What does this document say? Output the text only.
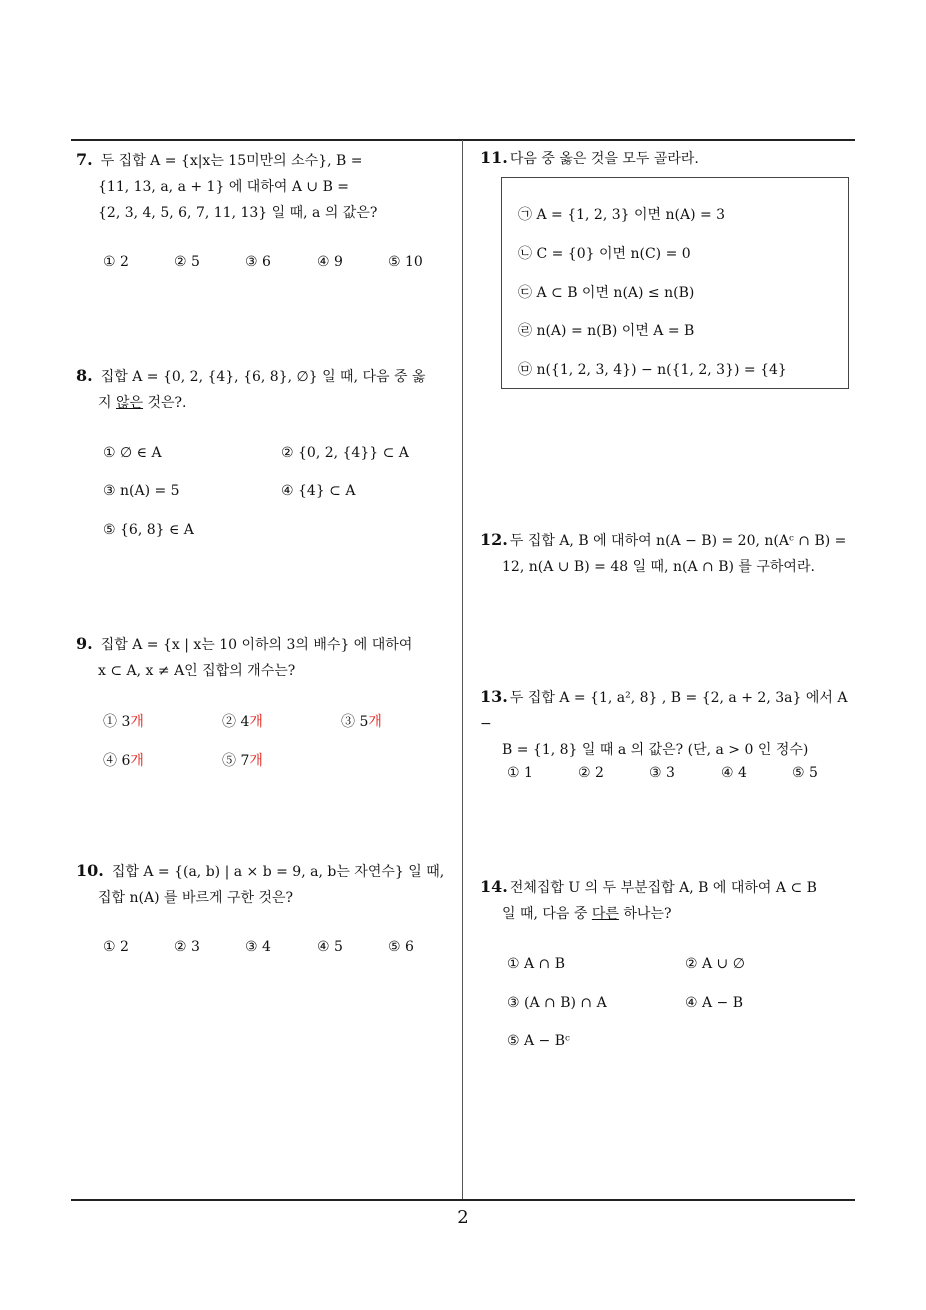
7. 두 집합 A = {x|x는 15미만의 소수}, B =

{11, 13, a, a + 1} 에 대하여 A ∪ B =

{2, 3, 4, 5, 6, 7, 11, 13} 일 때, a 의 값은?

① 2	② 5	③ 6	④ 9	⑤ 10

8. 집합 A = {0, 2, {4}, {6, 8}, ∅} 일 때, 다음 중 옳

지 않은 것은?.

① ∅ ∈ A	② {0, 2, {4}} ⊂ A
③ n(A) = 5	④ {4} ⊂ A
⑤ {6, 8} ∈ A

9. 집합 A = {x | x는 10 이하의 3의 배수} 에 대하여

x ⊂ A, x ≠ A인 집합의 개수는?

① 3개	② 4개	③ 5개
④ 6개	⑤ 7개

10. 집합 A = {(a, b) | a × b = 9, a, b는 자연수} 일 때,

집합 n(A) 를 바르게 구한 것은?

① 2	② 3	③ 4	④ 5	⑤ 6

11. 다음 중 옳은 것을 모두 골라라.

㉠ A = {1, 2, 3} 이면 n(A) = 3
㉡ C = {0} 이면 n(C) = 0
㉢ A ⊂ B 이면 n(A) ≤ n(B)
㉣ n(A) = n(B) 이면 A = B
㉤ n({1, 2, 3, 4}) − n({1, 2, 3}) = {4}

12. 두 집합 A, B 에 대하여 n(A − B) = 20, n(Aᶜ ∩ B) =

12, n(A ∪ B) = 48 일 때, n(A ∩ B) 를 구하여라.

13. 두 집합 A = {1, a², 8} , B = {2, a + 2, 3a} 에서 A −

B = {1, 8} 일 때 a 의 값은? (단, a > 0 인 정수)

① 1	② 2	③ 3	④ 4	⑤ 5

14. 전체집합 U 의 두 부분집합 A, B 에 대하여 A ⊂ B

일 때, 다음 중 다른 하나는?

① A ∩ B	② A ∪ ∅
③ (A ∩ B) ∩ A	④ A − B
⑤ A − Bᶜ
2
